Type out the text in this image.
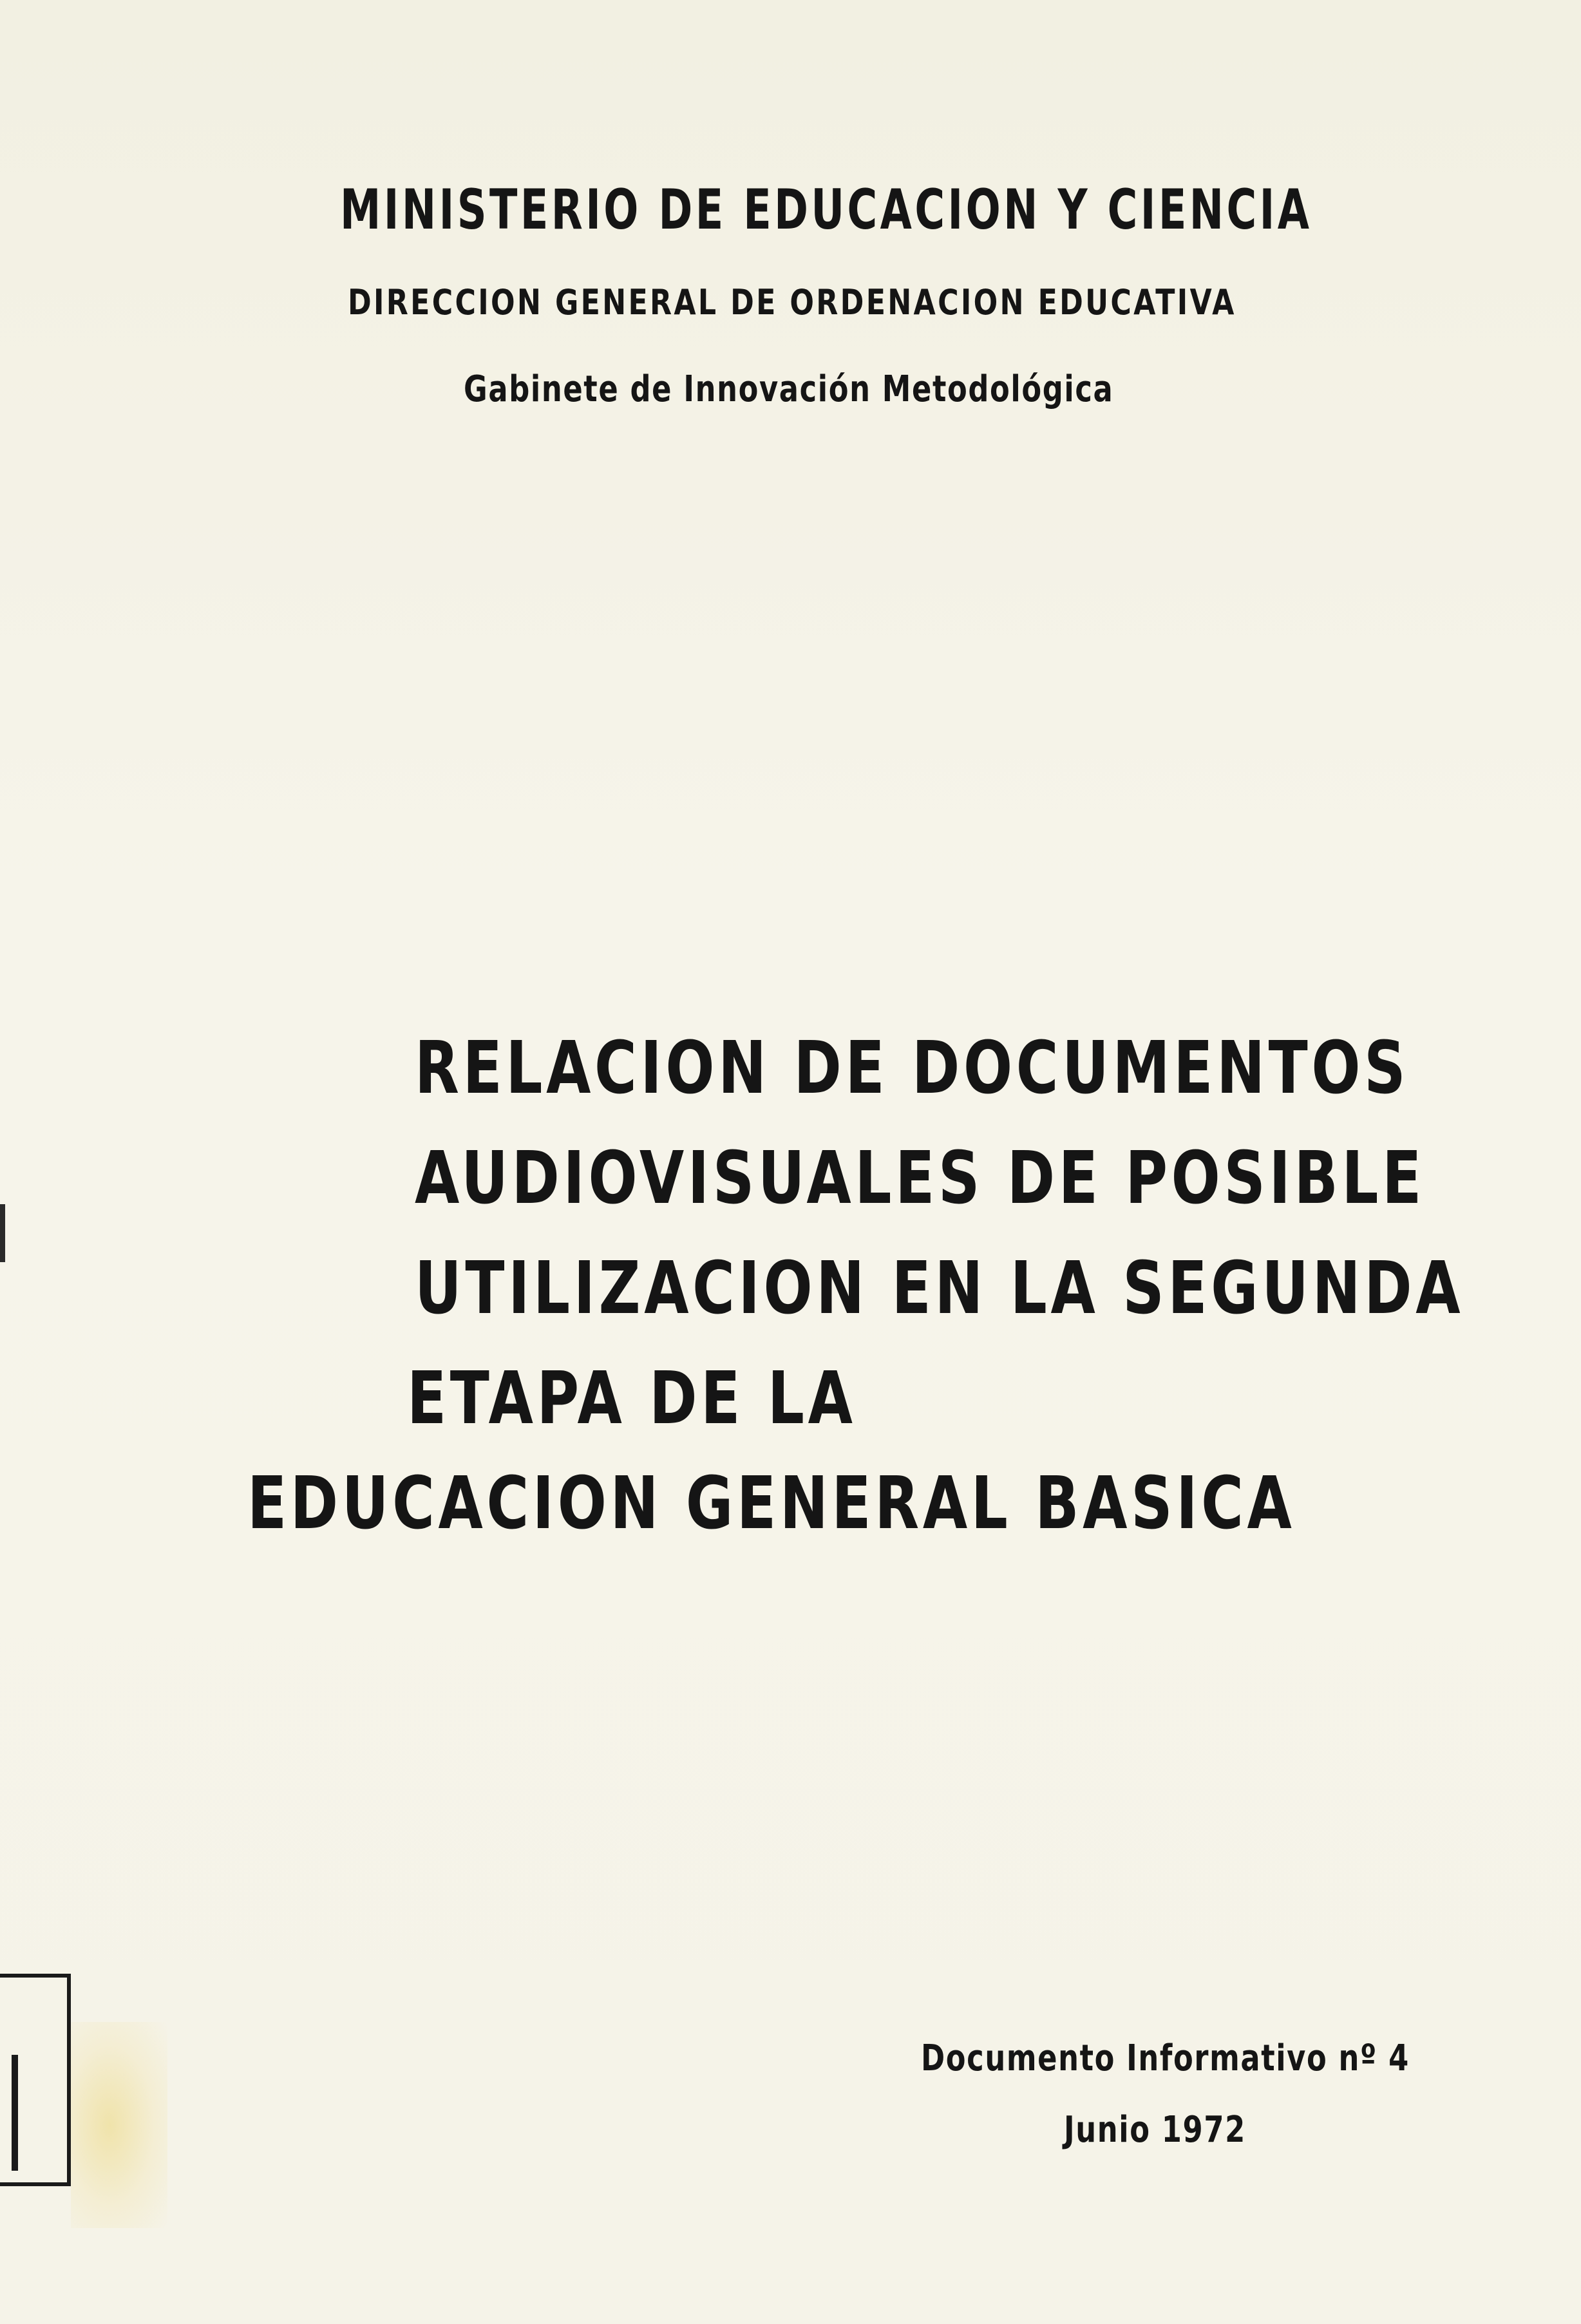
MINISTERIO DE EDUCACION Y CIENCIA

DIRECCION GENERAL DE ORDENACION EDUCATIVA

Gabinete de Innovación Metodológica

RELACION DE DOCUMENTOS

AUDIOVISUALES DE POSIBLE

UTILIZACION EN LA SEGUNDA

ETAPA DE LA

EDUCACION GENERAL BASICA

Documento Informativo nº 4

Junio 1972
